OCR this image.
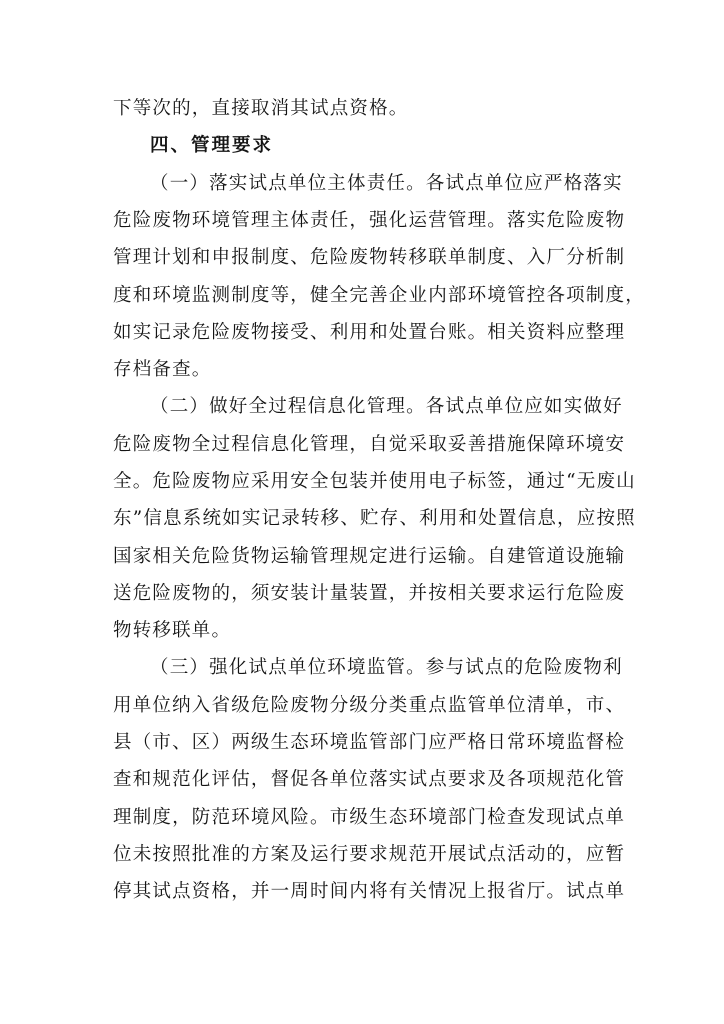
下等次的，直接取消其试点资格。
四、管理要求
（一）落实试点单位主体责任。各试点单位应严格落实
危险废物环境管理主体责任，强化运营管理。落实危险废物
管理计划和申报制度、危险废物转移联单制度、入厂分析制
度和环境监测制度等，健全完善企业内部环境管控各项制度，
如实记录危险废物接受、利用和处置台账。相关资料应整理
存档备查。
（二）做好全过程信息化管理。各试点单位应如实做好
危险废物全过程信息化管理，自觉采取妥善措施保障环境安
全。危险废物应采用安全包装并使用电子标签，通过“无废山
东”信息系统如实记录转移、贮存、利用和处置信息，应按照
国家相关危险货物运输管理规定进行运输。自建管道设施输
送危险废物的，须安装计量装置，并按相关要求运行危险废
物转移联单。
（三）强化试点单位环境监管。参与试点的危险废物利
用单位纳入省级危险废物分级分类重点监管单位清单，市、
县（市、区）两级生态环境监管部门应严格日常环境监督检
查和规范化评估，督促各单位落实试点要求及各项规范化管
理制度，防范环境风险。市级生态环境部门检查发现试点单
位未按照批准的方案及运行要求规范开展试点活动的，应暂
停其试点资格，并一周时间内将有关情况上报省厅。试点单
